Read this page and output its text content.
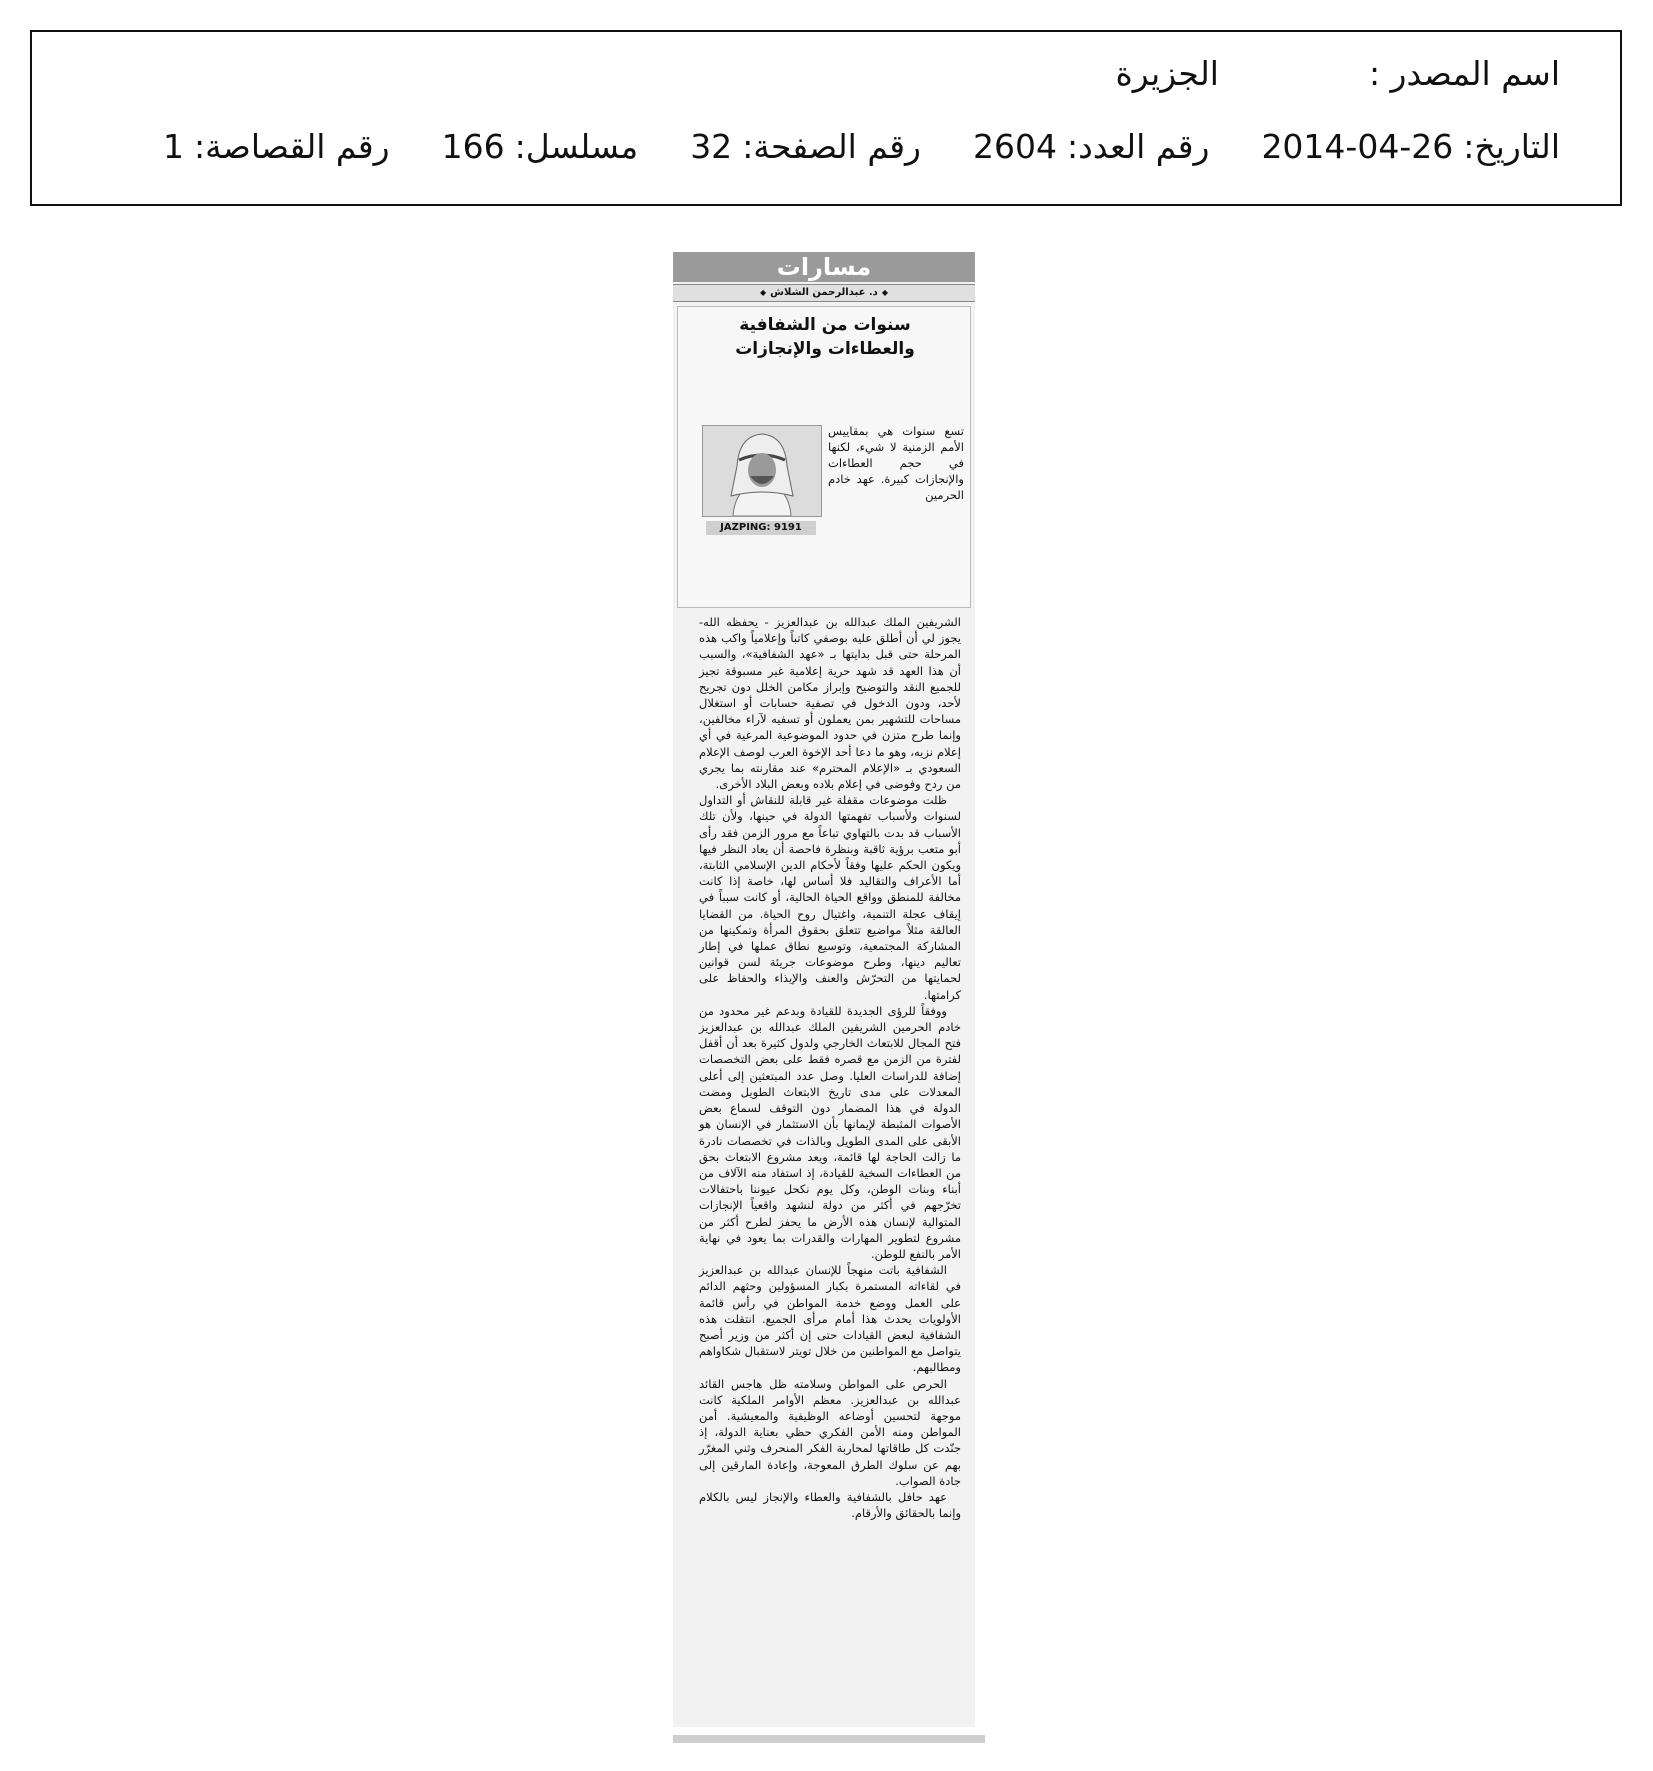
اسم المصدر :
الجزيرة
التاريخ:
2014-04-26
رقم العدد:
2604
رقم الصفحة:
32
مسلسل:
166
رقم القصاصة:
1
مسارات
◆د. عبدالرحمن الشلاش◆
سنوات من الشفافية
والعطاءات والإنجازات
JAZPING: 9191
تسع سنوات هي بمقاييس الأمم الزمنية لا شيء، لكنها في حجم العطاءات والإنجازات كبيرة. عهد خادم الحرمين

الشريفين الملك عبدالله بن عبدالعزيز - يحفظه الله- يجوز لي أن أطلق عليه بوصفي كاتباً وإعلامياً واكب هذه المرحلة حتى قبل بدايتها بـ «عهد الشفافية»، والسبب أن هذا العهد قد شهد حرية إعلامية غير مسبوقة تجيز للجميع النقد والتوضيح وإبراز مكامن الخلل دون تجريح لأحد، ودون الدخول في تصفية حسابات أو استغلال مساحات للتشهير بمن يعملون أو تسفيه لآراء مخالفين، وإنما طرح متزن في حدود الموضوعية المرعية في أي إعلام نزيه، وهو ما دعا أحد الإخوة العرب لوصف الإعلام السعودي بـ «الإعلام المحترم» عند مقارنته بما يجري من ردح وفوضى في إعلام بلاده وبعض البلاد الأخرى.

ظلت موضوعات مقفلة غير قابلة للنقاش أو التداول لسنوات ولأسباب تفهمتها الدولة في حينها، ولأن تلك الأسباب قد بدت بالتهاوي تباعاً مع مرور الزمن فقد رأى أبو متعب برؤية ثاقبة وبنظرة فاحصة أن يعاد النظر فيها ويكون الحكم عليها وفقاً لأحكام الدين الإسلامي الثابتة، أما الأعراف والتقاليد فلا أساس لها، خاصة إذا كانت مخالفة للمنطق وواقع الحياة الحالية، أو كانت سبباً في إيقاف عجلة التنمية، واغتيال روح الحياة. من القضايا العالقة مثلاً مواضيع تتعلق بحقوق المرأة وتمكينها من المشاركة المجتمعية، وتوسيع نطاق عملها في إطار تعاليم دينها، وطرح موضوعات جريئة لسن قوانين لحمايتها من التحرّش والعنف والإيذاء والحفاظ على كرامتها.

ووفقاً للرؤى الجديدة للقيادة وبدعم غير محدود من خادم الحرمين الشريفين الملك عبدالله بن عبدالعزيز فتح المجال للابتعاث الخارجي ولدول كثيرة بعد أن أقفل لفترة من الزمن مع قصره فقط على بعض التخصصات إضافة للدراسات العليا. وصل عدد المبتعثين إلى أعلى المعدلات على مدى تاريخ الابتعاث الطويل ومضت الدولة في هذا المضمار دون التوقف لسماع بعض الأصوات المثبطة لإيمانها بأن الاستثمار في الإنسان هو الأبقى على المدى الطويل وبالذات في تخصصات نادرة ما زالت الحاجة لها قائمة، ويعد مشروع الابتعاث بحق من العطاءات السخية للقيادة، إذ استفاد منه الآلاف من أبناء وبنات الوطن، وكل يوم نكحل عيوننا باحتفالات تخرّجهم في أكثر من دولة لنشهد واقعياً الإنجازات المتوالية لإنسان هذه الأرض ما يحفز لطرح أكثر من مشروع لتطوير المهارات والقدرات بما يعود في نهاية الأمر بالنفع للوطن.

الشفافية باتت منهجاً للإنسان عبدالله بن عبدالعزيز في لقاءاته المستمرة بكبار المسؤولين وحثهم الدائم على العمل ووضع خدمة المواطن في رأس قائمة الأولويات يحدث هذا أمام مرأى الجميع. انتقلت هذه الشفافية لبعض القيادات حتى إن أكثر من وزير أصبح يتواصل مع المواطنين من خلال تويتر لاستقبال شكاواهم ومطالبهم.

الحرص على المواطن وسلامته ظل هاجس القائد عبدالله بن عبدالعزيز. معظم الأوامر الملكية كانت موجهة لتحسين أوضاعه الوظيفية والمعيشية. أمن المواطن ومنه الأمن الفكري حظي بعناية الدولة، إذ جنّدت كل طاقاتها لمحاربة الفكر المنحرف وثني المغرّر بهم عن سلوك الطرق المعوجة، وإعادة المارقين إلى جادة الصواب.

عهد حافل بالشفافية والعطاء والإنجاز ليس بالكلام وإنما بالحقائق والأرقام.
